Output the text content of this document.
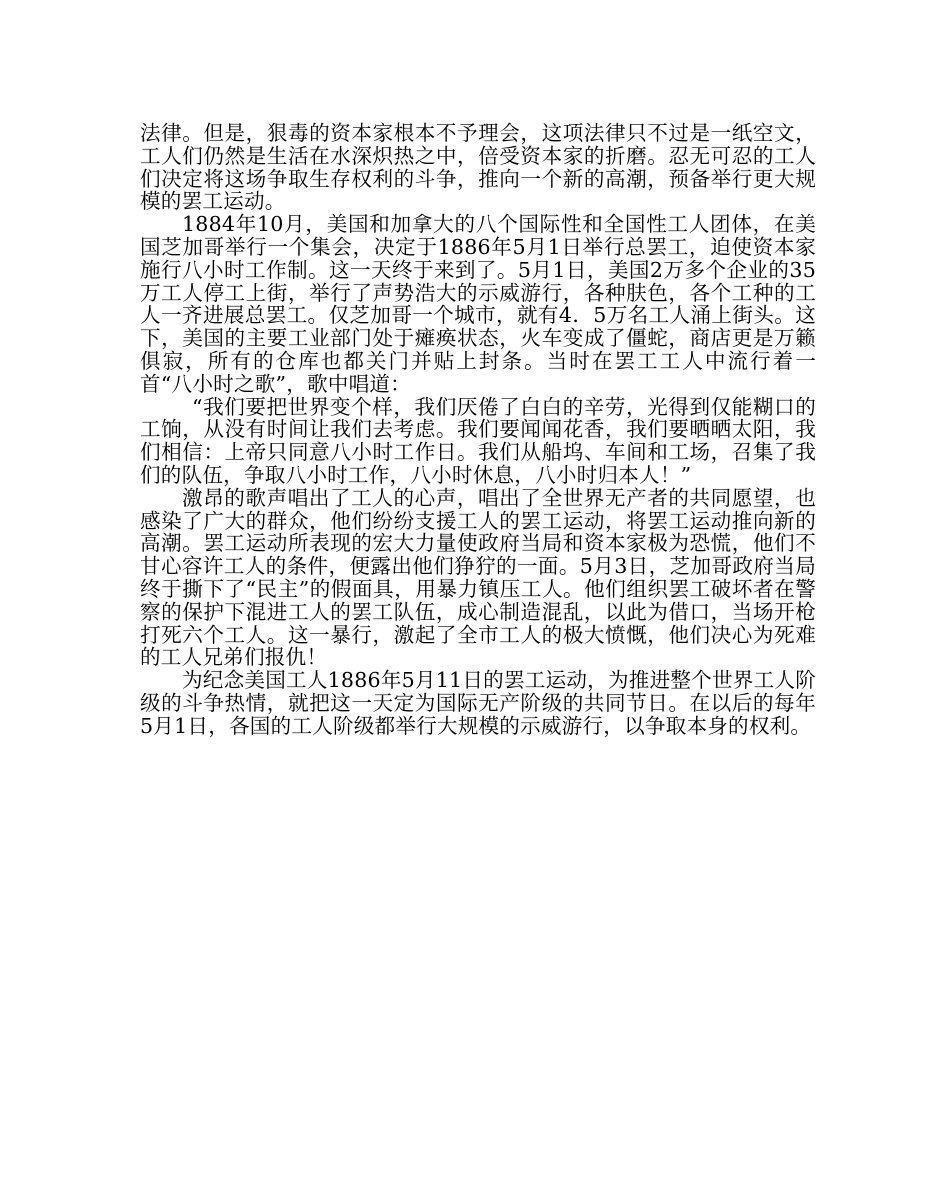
法律。但是，狠毒的资本家根本不予理会，这项法律只不过是一纸空文，工人们仍然是生活在水深炽热之中，倍受资本家的折磨。忍无可忍的工人们决定将这场争取生存权利的斗争，推向一个新的高潮，预备举行更大规模的罢工运动。

1884年10月，美国和加拿大的八个国际性和全国性工人团体，在美国芝加哥举行一个集会，决定于1886年5月1日举行总罢工，迫使资本家施行八小时工作制。这一天终于来到了。5月1日，美国2万多个企业的35万工人停工上街，举行了声势浩大的示威游行，各种肤色，各个工种的工人一齐进展总罢工。仅芝加哥一个城市，就有4．5万名工人涌上街头。这下，美国的主要工业部门处于瘫痪状态，火车变成了僵蛇，商店更是万籁俱寂，所有的仓库也都关门并贴上封条。当时在罢工工人中流行着一首“八小时之歌”，歌中唱道：

“我们要把世界变个样，我们厌倦了白白的辛劳，光得到仅能糊口的工饷，从没有时间让我们去考虑。我们要闻闻花香，我们要晒晒太阳，我们相信：上帝只同意八小时工作日。我们从船坞、车间和工场，召集了我们的队伍，争取八小时工作，八小时休息，八小时归本人！”

激昂的歌声唱出了工人的心声，唱出了全世界无产者的共同愿望，也感染了广大的群众，他们纷纷支援工人的罢工运动，将罢工运动推向新的高潮。罢工运动所表现的宏大力量使政府当局和资本家极为恐慌，他们不甘心容许工人的条件，便露出他们狰狞的一面。5月3日，芝加哥政府当局终于撕下了“民主”的假面具，用暴力镇压工人。他们组织罢工破坏者在警察的保护下混进工人的罢工队伍，成心制造混乱，以此为借口，当场开枪打死六个工人。这一暴行，激起了全市工人的极大愤慨，他们决心为死难的工人兄弟们报仇！

为纪念美国工人1886年5月11日的罢工运动，为推进整个世界工人阶级的斗争热情，就把这一天定为国际无产阶级的共同节日。在以后的每年5月1日，各国的工人阶级都举行大规模的示威游行，以争取本身的权利。
